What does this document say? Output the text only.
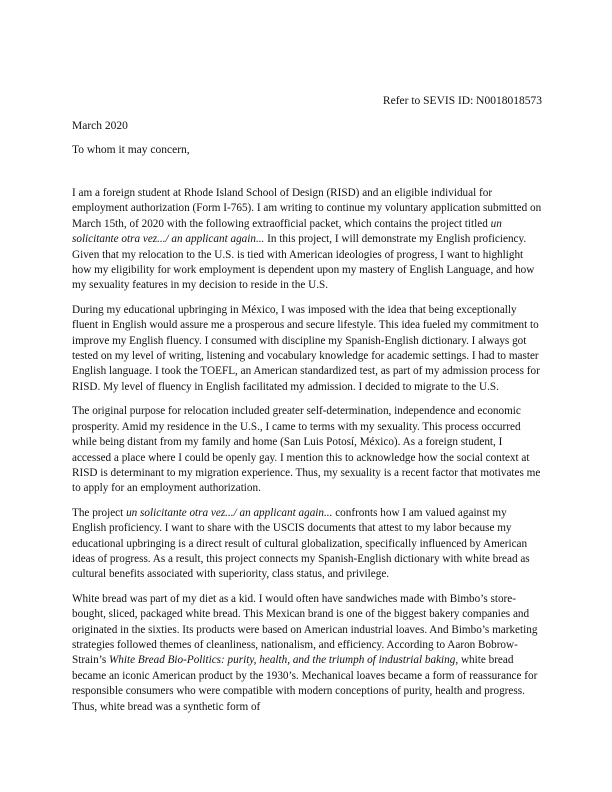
Refer to SEVIS ID: N0018018573
March 2020
To whom it may concern,

I am a foreign student at Rhode Island School of Design (RISD) and an eligible individual for employment authorization (Form I-765). I am writing to continue my voluntary application submitted on March 15th, of 2020 with the following extraofficial packet, which contains the project titled un solicitante otra vez.../ an applicant again... In this project, I will demonstrate my English proficiency. Given that my relocation to the U.S. is tied with American ideologies of progress, I want to highlight how my eligibility for work employment is dependent upon my mastery of English Language, and how my sexuality features in my decision to reside in the U.S.

During my educational upbringing in México, I was imposed with the idea that being exceptionally fluent in English would assure me a prosperous and secure lifestyle. This idea fueled my commitment to improve my English fluency. I consumed with discipline my Spanish-English dictionary. I always got tested on my level of writing, listening and vocabulary knowledge for academic settings. I had to master English language. I took the TOEFL, an American standardized test, as part of my admission process for RISD. My level of fluency in English facilitated my admission. I decided to migrate to the U.S.

The original purpose for relocation included greater self-determination, independence and economic prosperity. Amid my residence in the U.S., I came to terms with my sexuality. This process occurred while being distant from my family and home (San Luis Potosí, México). As a foreign student, I accessed a place where I could be openly gay. I mention this to acknowledge how the social context at RISD is determinant to my migration experience. Thus, my sexuality is a recent factor that motivates me to apply for an employment authorization.

The project un solicitante otra vez.../ an applicant again... confronts how I am valued against my English proficiency. I want to share with the USCIS documents that attest to my labor because my educational upbringing is a direct result of cultural globalization, specifically influenced by American ideas of progress. As a result, this project connects my Spanish-English dictionary with white bread as cultural benefits associated with superiority, class status, and privilege.

White bread was part of my diet as a kid. I would often have sandwiches made with Bimbo’s store-bought, sliced, packaged white bread. This Mexican brand is one of the biggest bakery companies and originated in the sixties. Its products were based on American industrial loaves. And Bimbo’s marketing strategies followed themes of cleanliness, nationalism, and efficiency. According to Aaron Bobrow-Strain’s White Bread Bio-Politics: purity, health, and the triumph of industrial baking, white bread became an iconic American product by the 1930’s. Mechanical loaves became a form of reassurance for responsible consumers who were compatible with modern conceptions of purity, health and progress. Thus, white bread was a synthetic form of
